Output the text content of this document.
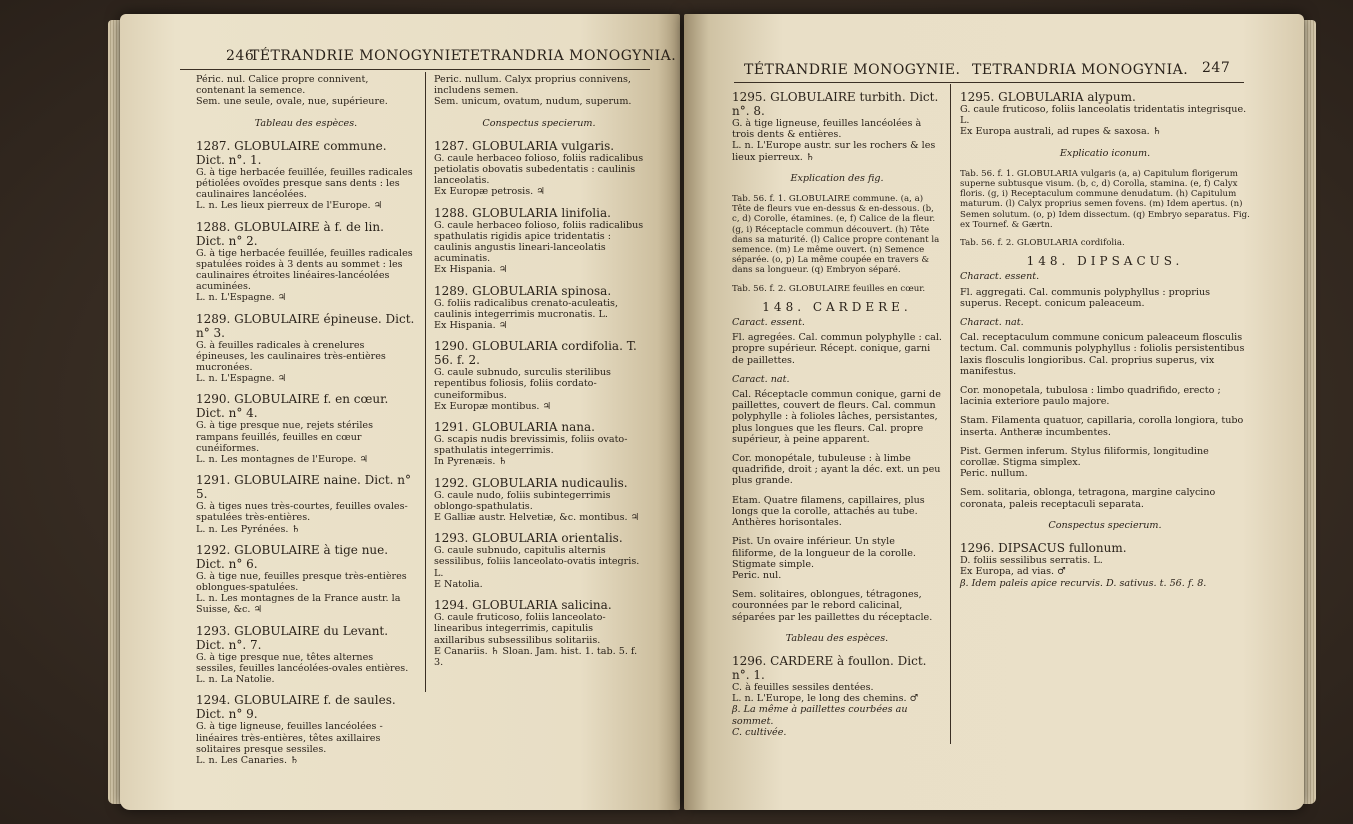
246
TÉTRANDRIE MONOGYNIE.
TETRANDRIA MONOGYNIA.

Péric. nul. Calice propre connivent, contenant la semence.

Sem. une seule, ovale, nue, supérieure.

Tableau des espèces.

1287. GLOBULAIRE commune. Dict. n°. 1.

G. à tige herbacée feuillée, feuilles radicales pétiolées ovoïdes presque sans dents : les caulinaires lancéolées.

L. n. Les lieux pierreux de l'Europe. ♃

1288. GLOBULAIRE à f. de lin. Dict. n° 2.

G. à tige herbacée feuillée, feuilles radicales spatulées roides à 3 dents au sommet : les caulinaires étroites linéaires-lancéolées acuminées.

L. n. L'Espagne. ♃

1289. GLOBULAIRE épineuse. Dict. n° 3.

G. à feuilles radicales à crenelures épineuses, les caulinaires très-entières mucronées.

L. n. L'Espagne. ♃

1290. GLOBULAIRE f. en cœur. Dict. n° 4.

G. à tige presque nue, rejets stériles rampans feuillés, feuilles en cœur cunéiformes.

L. n. Les montagnes de l'Europe. ♃

1291. GLOBULAIRE naine. Dict. n° 5.

G. à tiges nues très-courtes, feuilles ovales-spatulées très-entières.

L. n. Les Pyrénées. ♄

1292. GLOBULAIRE à tige nue. Dict. n° 6.

G. à tige nue, feuilles presque très-entières oblongues-spatulées.

L. n. Les montagnes de la France austr. la Suisse, &c. ♃

1293. GLOBULAIRE du Levant. Dict. n°. 7.

G. à tige presque nue, têtes alternes sessiles, feuilles lancéolées-ovales entières.

L. n. La Natolie.

1294. GLOBULAIRE f. de saules. Dict. n° 9.

G. à tige ligneuse, feuilles lancéolées - linéaires très-entières, têtes axillaires solitaires presque sessiles.

L. n. Les Canaries. ♄

Peric. nullum. Calyx proprius connivens, includens semen.

Sem. unicum, ovatum, nudum, superum.

Conspectus specierum.

1287. GLOBULARIA vulgaris.

G. caule herbaceo folioso, foliis radicalibus petiolatis obovatis subedentatis : caulinis lanceolatis.

Ex Europæ petrosis. ♃

1288. GLOBULARIA linifolia.

G. caule herbaceo folioso, foliis radicalibus spathulatis rigidis apice tridentatis : caulinis angustis lineari-lanceolatis acuminatis.

Ex Hispania. ♃

1289. GLOBULARIA spinosa.

G. foliis radicalibus crenato-aculeatis, caulinis integerrimis mucronatis. L.

Ex Hispania. ♃

1290. GLOBULARIA cordifolia. T. 56. f. 2.

G. caule subnudo, surculis sterilibus repentibus foliosis, foliis cordato-cuneiformibus.

Ex Europæ montibus. ♃

1291. GLOBULARIA nana.

G. scapis nudis brevissimis, foliis ovato-spathulatis integerrimis.

In Pyrenæis. ♄

1292. GLOBULARIA nudicaulis.

G. caule nudo, foliis subintegerrimis oblongo-spathulatis.

E Galliæ austr. Helvetiæ, &c. montibus. ♃

1293. GLOBULARIA orientalis.

G. caule subnudo, capitulis alternis sessilibus, foliis lanceolato-ovatis integris. L.

E Natolia.

1294. GLOBULARIA salicina.

G. caule fruticoso, foliis lanceolato-linearibus integerrimis, capitulis axillaribus subsessilibus solitariis.

E Canariis. ♄ Sloan. Jam. hist. 1. tab. 5. f. 3.

TÉTRANDRIE MONOGYNIE. TETRANDRIA MONOGYNIA. 247

1295. GLOBULAIRE turbith. Dict. n°. 8.

G. à tige ligneuse, feuilles lancéolées à trois dents & entières.

L. n. L'Europe austr. sur les rochers & les lieux pierreux. ♄

Explication des fig.

Tab. 56. f. 1. GLOBULAIRE commune. (a, a) Tête de fleurs vue en-dessus & en-dessous. (b, c, d) Corolle, étamines. (e, f) Calice de la fleur. (g, i) Réceptacle commun découvert. (h) Tête dans sa maturité. (l) Calice propre contenant la semence. (m) Le même ouvert. (n) Semence séparée. (o, p) La même coupée en travers & dans sa longueur. (q) Embryon séparé.

Tab. 56. f. 2. GLOBULAIRE feuilles en cœur.

148. CARDERE.

Caract. essent.

Fl. agregées. Cal. commun polyphylle : cal. propre supérieur. Récept. conique, garni de paillettes.

Caract. nat.

Cal. Réceptacle commun conique, garni de paillettes, couvert de fleurs. Cal. commun polyphylle : à folioles lâches, persistantes, plus longues que les fleurs. Cal. propre supérieur, à peine apparent.

Cor. monopétale, tubuleuse : à limbe quadrifide, droit ; ayant la déc. ext. un peu plus grande.

Etam. Quatre filamens, capillaires, plus longs que la corolle, attachés au tube. Anthères horisontales.

Pist. Un ovaire inférieur. Un style filiforme, de la longueur de la corolle. Stigmate simple.

Peric. nul.

Sem. solitaires, oblongues, tétragones, couronnées par le rebord calicinal, séparées par les paillettes du réceptacle.

Tableau des espèces.

1296. CARDERE à foullon. Dict. n°. 1.

C. à feuilles sessiles dentées.

L. n. L'Europe, le long des chemins. ♂

β. La même à paillettes courbées au sommet.

C. cultivée.

1295. GLOBULARIA alypum.

G. caule fruticoso, foliis lanceolatis tridentatis integrisque. L.

Ex Europa australi, ad rupes & saxosa. ♄

Explicatio iconum.

Tab. 56. f. 1. GLOBULARIA vulgaris (a, a) Capitulum florigerum superne subtusque visum. (b, c, d) Corolla, stamina. (e, f) Calyx floris. (g, i) Receptaculum commune denudatum. (h) Capitulum maturum. (l) Calyx proprius semen fovens. (m) Idem apertus. (n) Semen solutum. (o, p) Idem dissectum. (q) Embryo separatus. Fig. ex Tournef. & Gærtn.

Tab. 56. f. 2. GLOBULARIA cordifolia.

148. DIPSACUS.

Charact. essent.

Fl. aggregati. Cal. communis polyphyllus : proprius superus. Recept. conicum paleaceum.

Charact. nat.

Cal. receptaculum commune conicum paleaceum flosculis tectum. Cal. communis polyphyllus : foliolis persistentibus laxis flosculis longioribus. Cal. proprius superus, vix manifestus.

Cor. monopetala, tubulosa : limbo quadrifido, erecto ; lacinia exteriore paulo majore.

Stam. Filamenta quatuor, capillaria, corolla longiora, tubo inserta. Antheræ incumbentes.

Pist. Germen inferum. Stylus filiformis, longitudine corollæ. Stigma simplex.

Peric. nullum.

Sem. solitaria, oblonga, tetragona, margine calycino coronata, paleis receptaculi separata.

Conspectus specierum.

1296. DIPSACUS fullonum.

D. foliis sessilibus serratis. L.

Ex Europa, ad vias. ♂

β. Idem paleis apice recurvis. D. sativus. t. 56. f. 8.
